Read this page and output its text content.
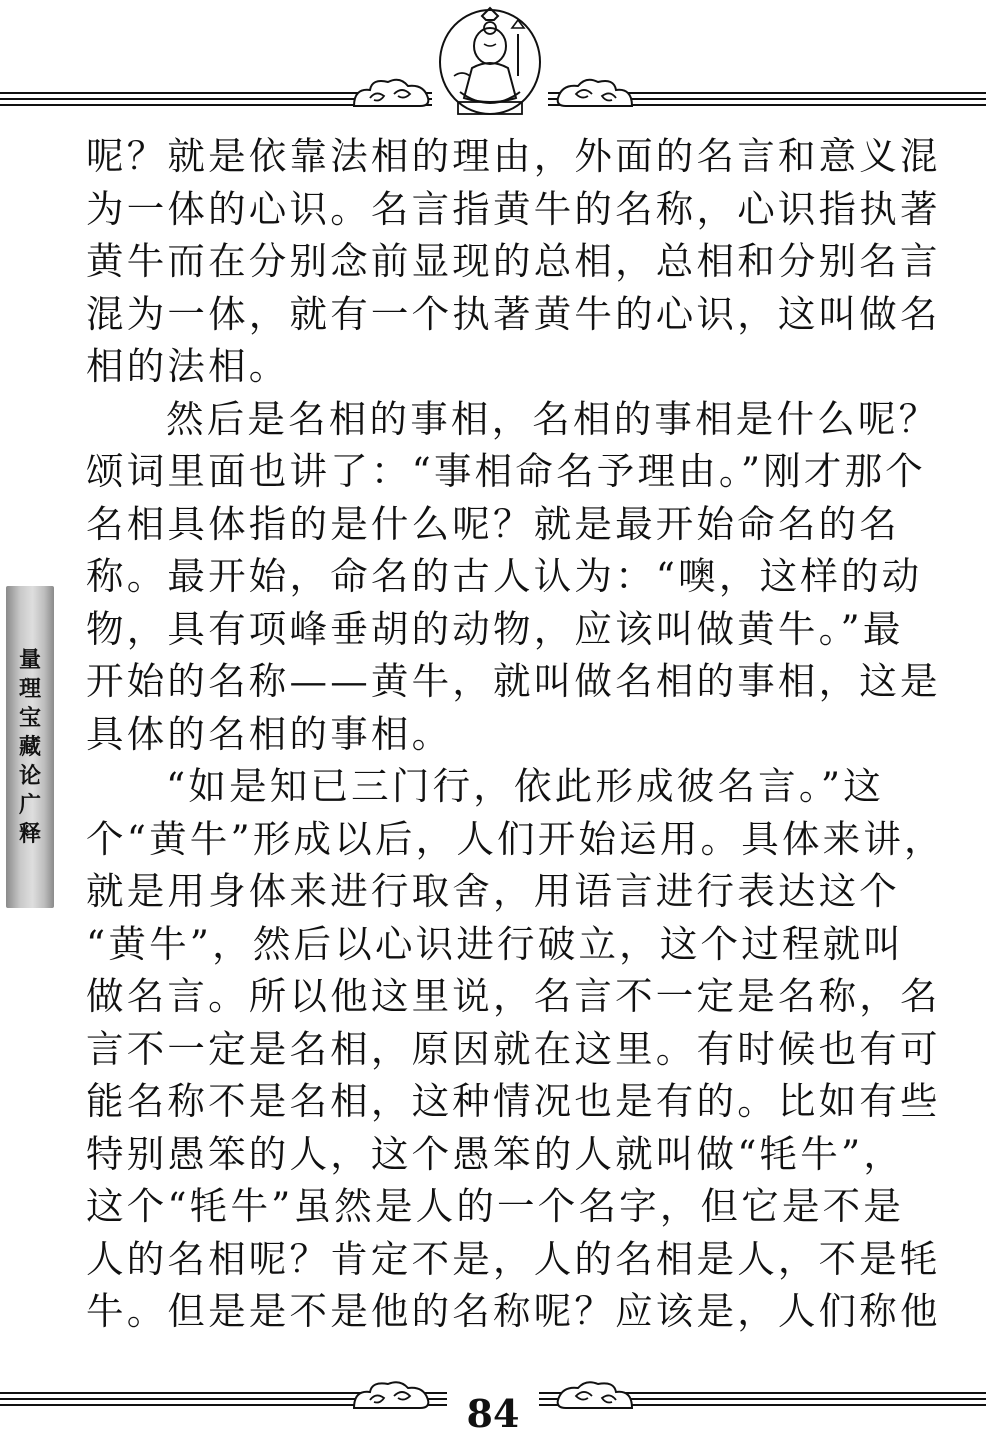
量
理
宝
藏
论
广
释
呢？就是依靠法相的理由，外面的名言和意义混
为一体的心识。名言指黄牛的名称，心识指执著
黄牛而在分别念前显现的总相，总相和分别名言
混为一体，就有一个执著黄牛的心识，这叫做名
相的法相。
然后是名相的事相，名相的事相是什么呢？
颂词里面也讲了：“事相命名予理由。”刚才那个
名相具体指的是什么呢？就是最开始命名的名
称。最开始，命名的古人认为：“噢，这样的动
物，具有项峰垂胡的动物，应该叫做黄牛。”最
开始的名称——黄牛，就叫做名相的事相，这是
具体的名相的事相。
“如是知已三门行，依此形成彼名言。”这
个“黄牛”形成以后，人们开始运用。具体来讲，
就是用身体来进行取舍，用语言进行表达这个
“黄牛”，然后以心识进行破立，这个过程就叫
做名言。所以他这里说，名言不一定是名称，名
言不一定是名相，原因就在这里。有时候也有可
能名称不是名相，这种情况也是有的。比如有些
特别愚笨的人，这个愚笨的人就叫做“牦牛”，
这个“牦牛”虽然是人的一个名字，但它是不是
人的名相呢？肯定不是，人的名相是人，不是牦
牛。但是是不是他的名称呢？应该是，人们称他
84
